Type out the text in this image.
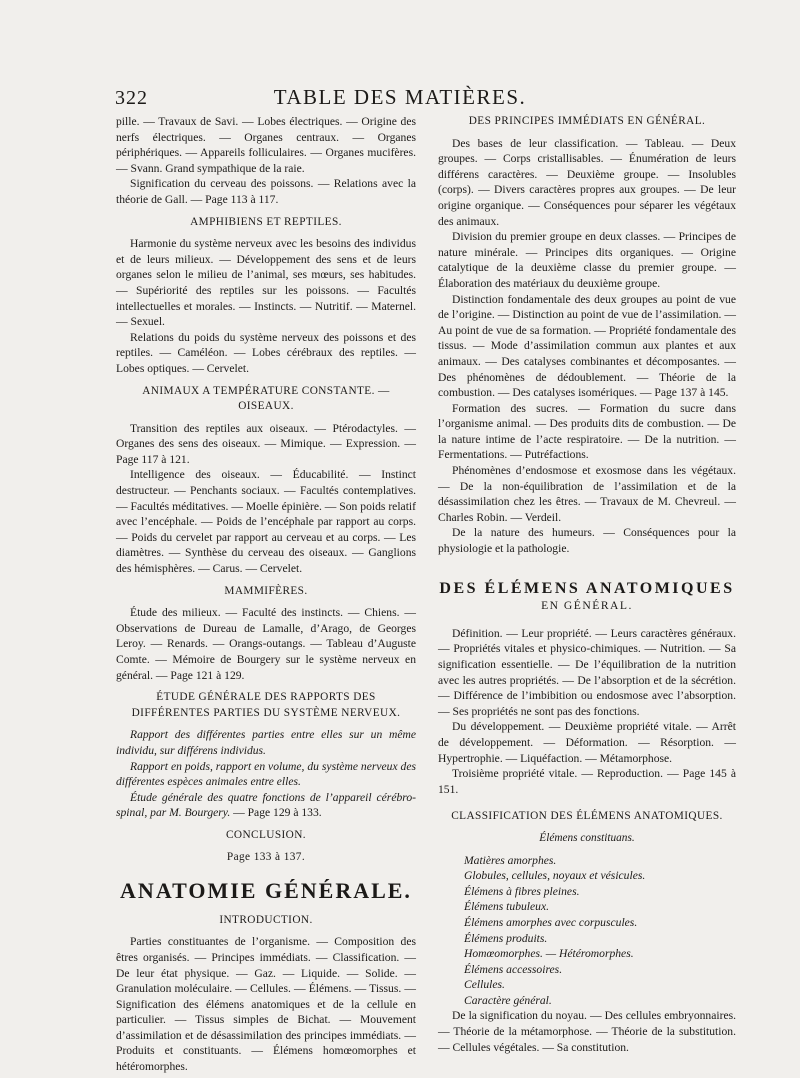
322	TABLE DES MATIÈRES.

pille. — Travaux de Savi. — Lobes électriques. — Origine des nerfs électriques. — Organes centraux. — Organes périphériques. — Appareils folliculaires. — Organes mucifères. — Svann. Grand sympathique de la raie.

Signification du cerveau des poissons. — Relations avec la théorie de Gall. — Page 113 à 117.

AMPHIBIENS ET REPTILES.

Harmonie du système nerveux avec les besoins des individus et de leurs milieux. — Développement des sens et de leurs organes selon le milieu de l’animal, ses mœurs, ses habitudes. — Supériorité des reptiles sur les poissons. — Facultés intellectuelles et morales. — Instincts. — Nutritif. — Maternel. — Sexuel.

Relations du poids du système nerveux des poissons et des reptiles. — Caméléon. — Lobes cérébraux des reptiles. — Lobes optiques. — Cervelet.

ANIMAUX A TEMPÉRATURE CONSTANTE. — OISEAUX.

Transition des reptiles aux oiseaux. — Ptérodactyles. — Organes des sens des oiseaux. — Mimique. — Expression. — Page 117 à 121.

Intelligence des oiseaux. — Éducabilité. — Instinct destructeur. — Penchants sociaux. — Facultés contemplatives. — Facultés méditatives. — Moelle épinière. — Son poids relatif avec l’encéphale. — Poids de l’encéphale par rapport au corps. — Poids du cervelet par rapport au cerveau et au corps. — Les diamètres. — Synthèse du cerveau des oiseaux. — Ganglions des hémisphères. — Carus. — Cervelet.

MAMMIFÈRES.

Étude des milieux. — Faculté des instincts. — Chiens. — Observations de Dureau de Lamalle, d’Arago, de Georges Leroy. — Renards. — Orangs-outangs. — Tableau d’Auguste Comte. — Mémoire de Bourgery sur le système nerveux en général. — Page 121 à 129.

ÉTUDE GÉNÉRALE DES RAPPORTS DES DIFFÉRENTES PARTIES DU SYSTÈME NERVEUX.

Rapport des différentes parties entre elles sur un même individu, sur différens individus.

Rapport en poids, rapport en volume, du système nerveux des différentes espèces animales entre elles.

Étude générale des quatre fonctions de l’appareil cérébro-spinal, par M. Bourgery. — Page 129 à 133.

CONCLUSION.
Page 133 à 137.
ANATOMIE GÉNÉRALE.
INTRODUCTION.

Parties constituantes de l’organisme. — Composition des êtres organisés. — Principes immédiats. — Classification. — De leur état physique. — Gaz. — Liquide. — Solide. — Granulation moléculaire. — Cellules. — Élémens. — Tissus. — Signification des élémens anatomiques et de la cellule en particulier. — Tissus simples de Bichat. — Mouvement d’assimilation et de désassimilation des principes immédiats. — Produits et constituants. — Élémens homœomorphes et hétéromorphes.

DES PRINCIPES IMMÉDIATS EN GÉNÉRAL.

Des bases de leur classification. — Tableau. — Deux groupes. — Corps cristallisables. — Énumération de leurs différens caractères. — Deuxième groupe. — Insolubles (corps). — Divers caractères propres aux groupes. — De leur origine organique. — Conséquences pour séparer les végétaux des animaux.

Division du premier groupe en deux classes. — Principes de nature minérale. — Principes dits organiques. — Origine catalytique de la deuxième classe du premier groupe. — Élaboration des matériaux du deuxième groupe.

Distinction fondamentale des deux groupes au point de vue de l’origine. — Distinction au point de vue de l’assimilation. — Au point de vue de sa formation. — Propriété fondamentale des tissus. — Mode d’assimilation commun aux plantes et aux animaux. — Des catalyses combinantes et décomposantes. — Des phénomènes de dédoublement. — Théorie de la combustion. — Des catalyses isomériques. — Page 137 à 145.

Formation des sucres. — Formation du sucre dans l’organisme animal. — Des produits dits de combustion. — De la nature intime de l’acte respiratoire. — De la nutrition. — Fermentations. — Putréfactions.

Phénomènes d’endosmose et exosmose dans les végétaux. — De la non-équilibration de l’assimilation et de la désassimilation chez les êtres. — Travaux de M. Chevreul. — Charles Robin. — Verdeil.

De la nature des humeurs. — Conséquences pour la physiologie et la pathologie.

DES ÉLÉMENS ANATOMIQUES
EN GÉNÉRAL.

Définition. — Leur propriété. — Leurs caractères généraux. — Propriétés vitales et physico-chimiques. — Nutrition. — Sa signification essentielle. — De l’équilibration de la nutrition avec les autres propriétés. — De l’absorption et de la sécrétion. — Différence de l’imbibition ou endosmose avec l’absorption. — Ses propriétés ne sont pas des fonctions.

Du développement. — Deuxième propriété vitale. — Arrêt de développement. — Déformation. — Résorption. — Hypertrophie. — Liquéfaction. — Métamorphose.

Troisième propriété vitale. — Reproduction. — Page 145 à 151.

CLASSIFICATION DES ÉLÉMENS ANATOMIQUES.
Élémens constituans.

Matières amorphes.

Globules, cellules, noyaux et vésicules.

Élémens à fibres pleines.

Élémens tubuleux.

Élémens amorphes avec corpuscules.

Élémens produits.

Homœomorphes. — Hétéromorphes.

Élémens accessoires.

Cellules.

Caractère général.

De la signification du noyau. — Des cellules embryonnaires. — Théorie de la métamorphose. — Théorie de la substitution. — Cellules végétales. — Sa constitution.
